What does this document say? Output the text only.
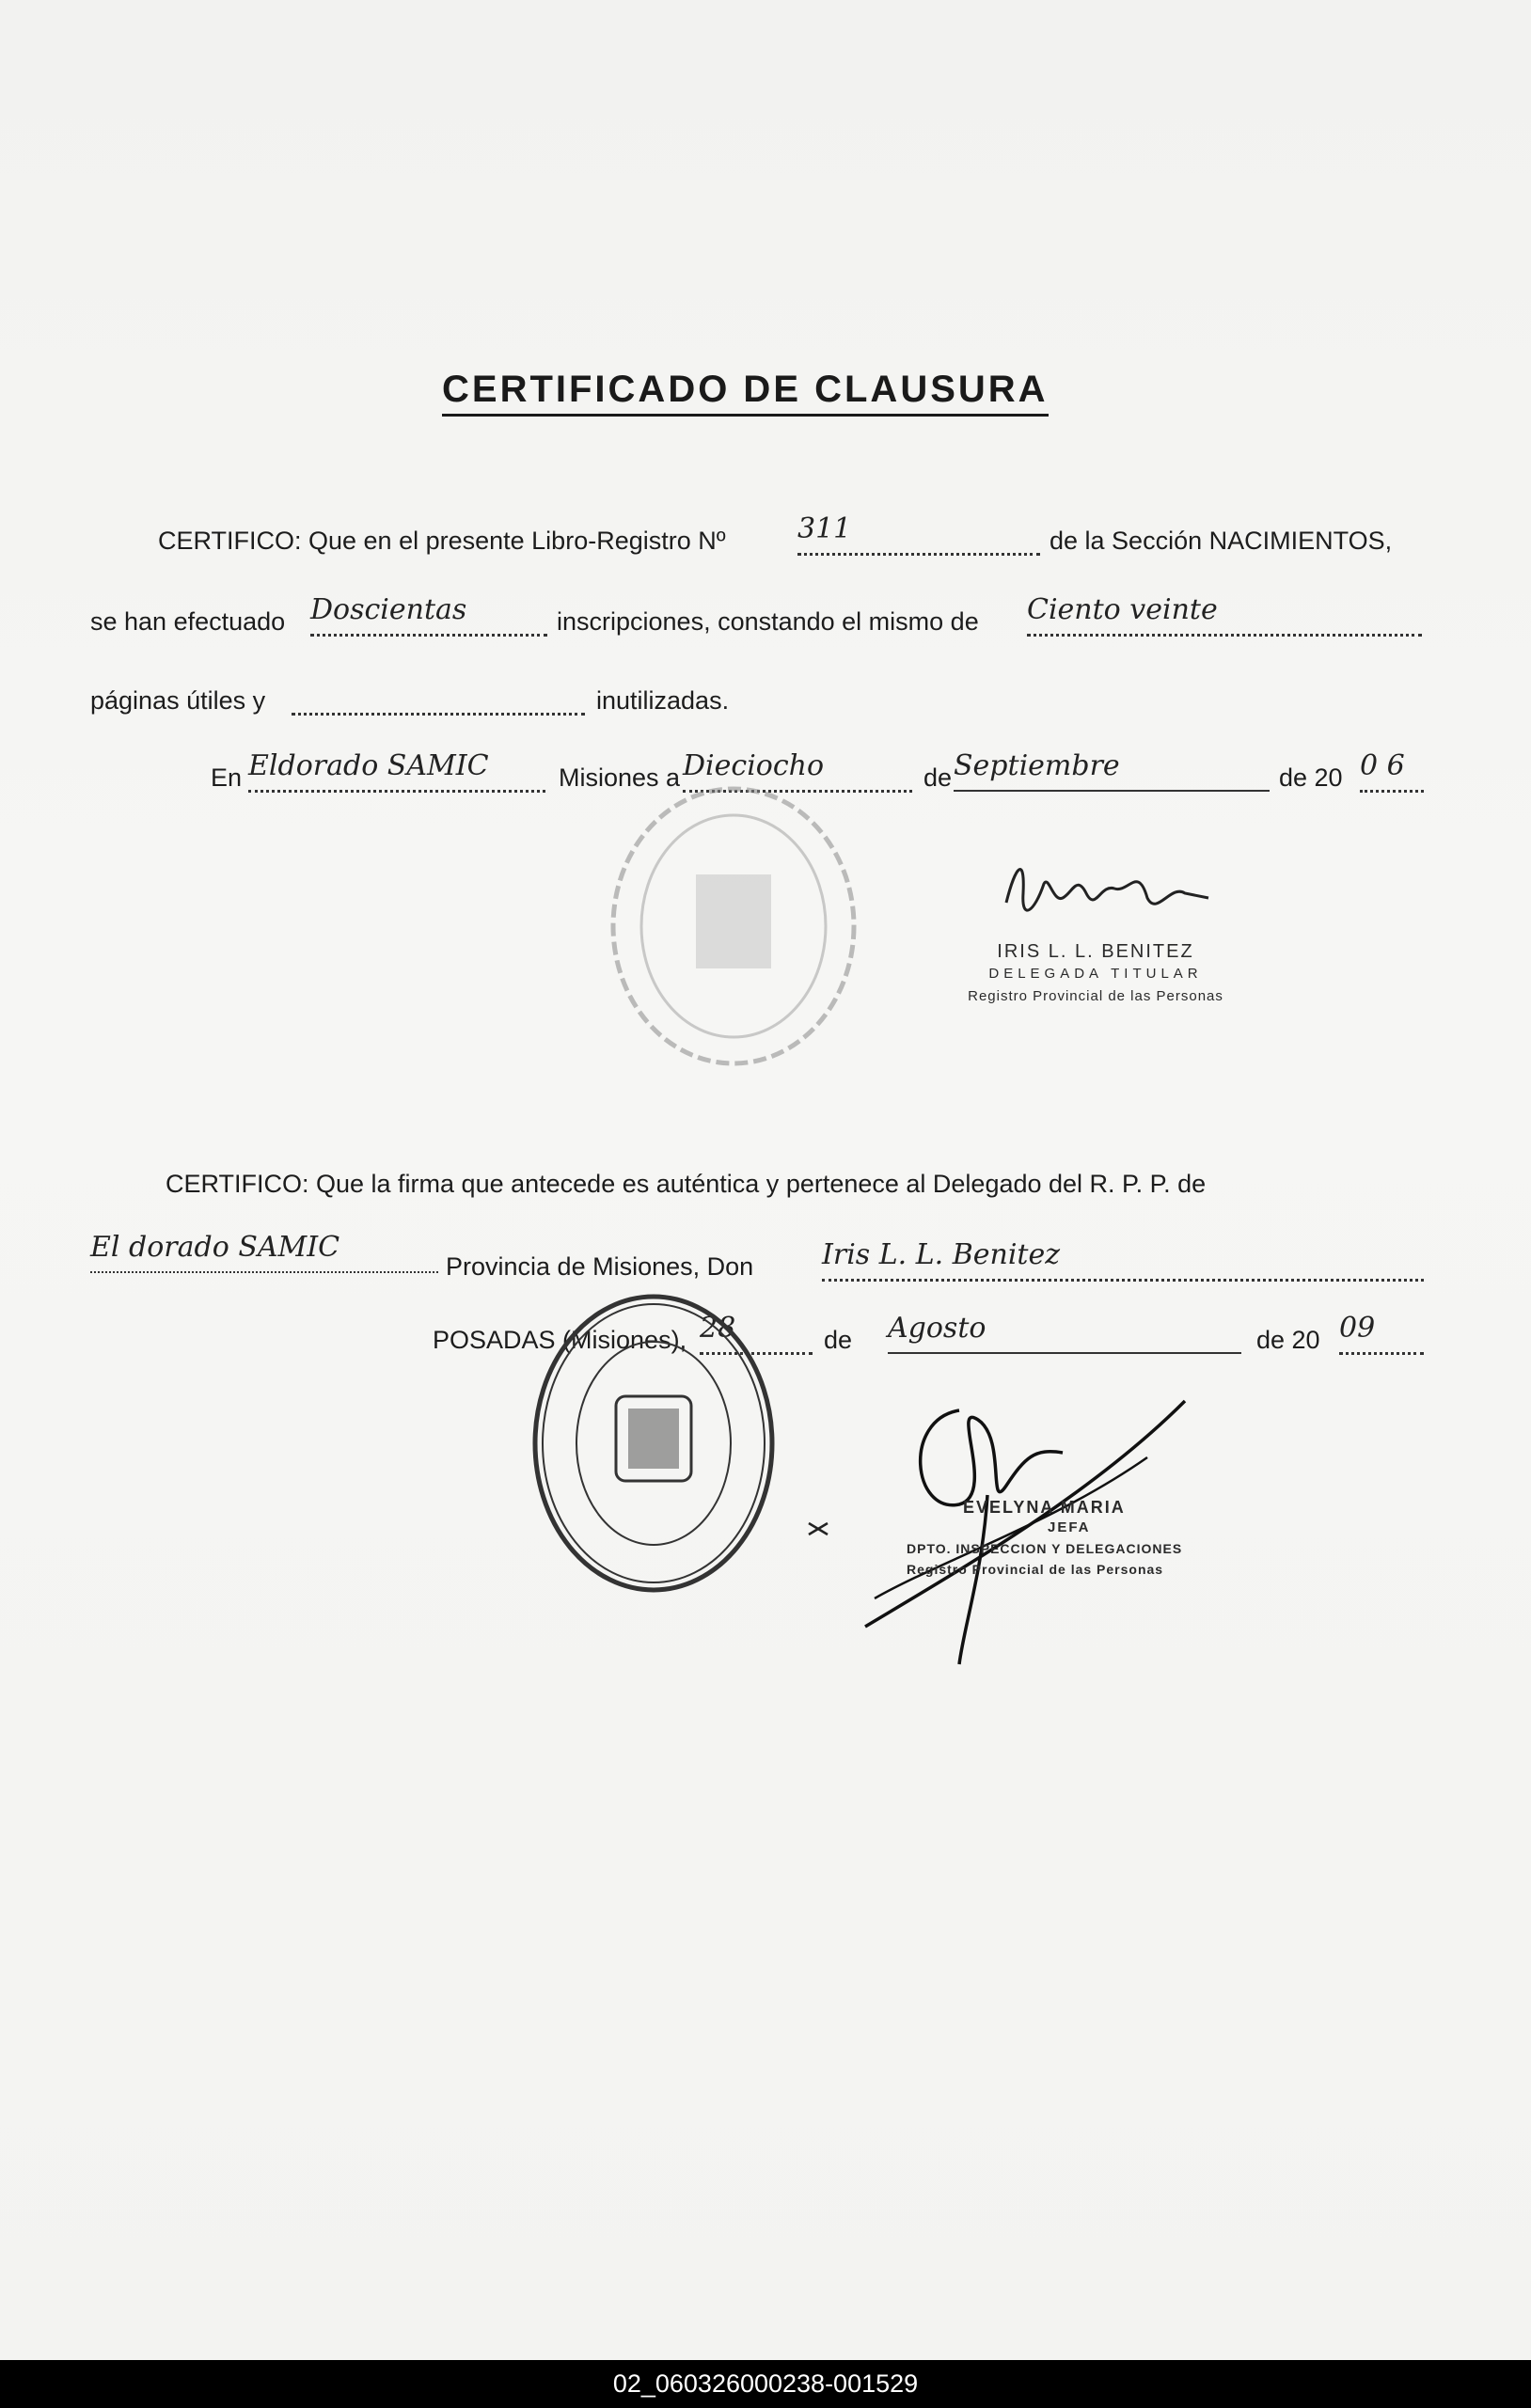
CERTIFICADO DE CLAUSURA
CERTIFICO: Que en el presente Libro-Registro Nº	311	de la Sección NACIMIENTOS,
se han efectuado Doscientas	inscripciones, constando el mismo de Ciento veinte
páginas útiles y	inutilizadas.
En Eldorado SAMIC	Misiones a Dieciocho	de Septiembre	de 20 0 6
IRIS L. L. BENITEZ
DELEGADA TITULAR
Registro Provincial de las Personas
CERTIFICO: Que la firma que antecede es auténtica y pertenece al Delegado del R. P. P. de
El dorado SAMIC
Provincia de Misiones, Don Iris L. L. Benitez
POSADAS (Misiones), 28	de Agosto	de 20 09
EVELYNA MARIA
JEFA
DPTO. INSPECCION Y DELEGACIONES
Registro Provincial de las Personas
02_060326000238-001529
